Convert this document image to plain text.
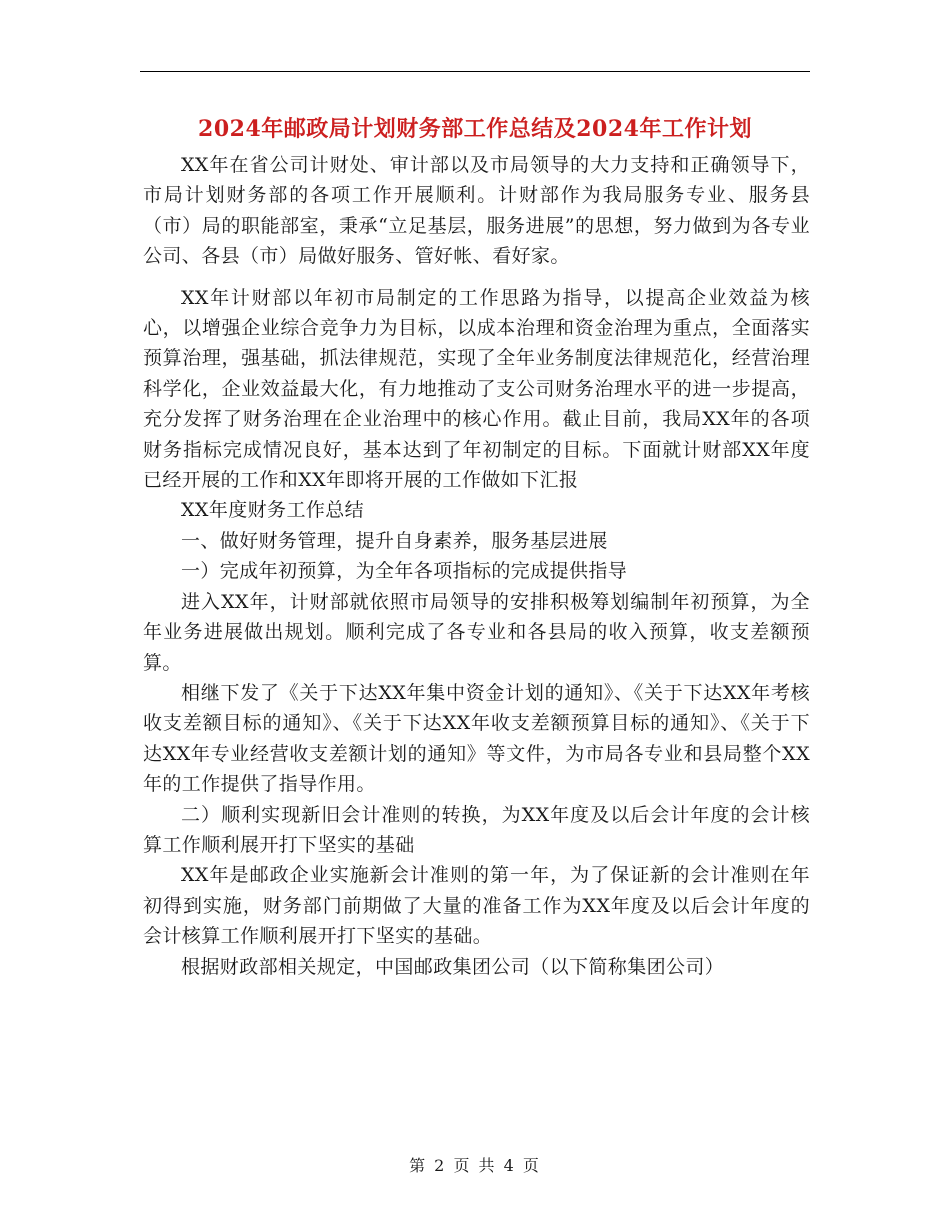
2024年邮政局计划财务部工作总结及2024年工作计划

XX年在省公司计财处、审计部以及市局领导的大力支持和正确领导下，市局计划财务部的各项工作开展顺利。计财部作为我局服务专业、服务县（市）局的职能部室，秉承“立足基层，服务进展”的思想，努力做到为各专业公司、各县（市）局做好服务、管好帐、看好家。

XX年计财部以年初市局制定的工作思路为指导，以提高企业效益为核心，以增强企业综合竞争力为目标，以成本治理和资金治理为重点，全面落实预算治理，强基础，抓法律规范，实现了全年业务制度法律规范化，经营治理科学化，企业效益最大化，有力地推动了支公司财务治理水平的进一步提高，充分发挥了财务治理在企业治理中的核心作用。截止目前，我局XX年的各项财务指标完成情况良好，基本达到了年初制定的目标。下面就计财部XX年度已经开展的工作和XX年即将开展的工作做如下汇报

XX年度财务工作总结

一、做好财务管理，提升自身素养，服务基层进展

一）完成年初预算，为全年各项指标的完成提供指导

进入XX年，计财部就依照市局领导的安排积极筹划编制年初预算，为全年业务进展做出规划。顺利完成了各专业和各县局的收入预算，收支差额预算。

相继下发了《关于下达XX年集中资金计划的通知》、《关于下达XX年考核收支差额目标的通知》、《关于下达XX年收支差额预算目标的通知》、《关于下达XX年专业经营收支差额计划的通知》等文件，为市局各专业和县局整个XX年的工作提供了指导作用。

二）顺利实现新旧会计准则的转换，为XX年度及以后会计年度的会计核算工作顺利展开打下坚实的基础

XX年是邮政企业实施新会计准则的第一年，为了保证新的会计准则在年初得到实施，财务部门前期做了大量的准备工作为XX年度及以后会计年度的会计核算工作顺利展开打下坚实的基础。

根据财政部相关规定，中国邮政集团公司（以下简称集团公司）

第 2 页 共 4 页
